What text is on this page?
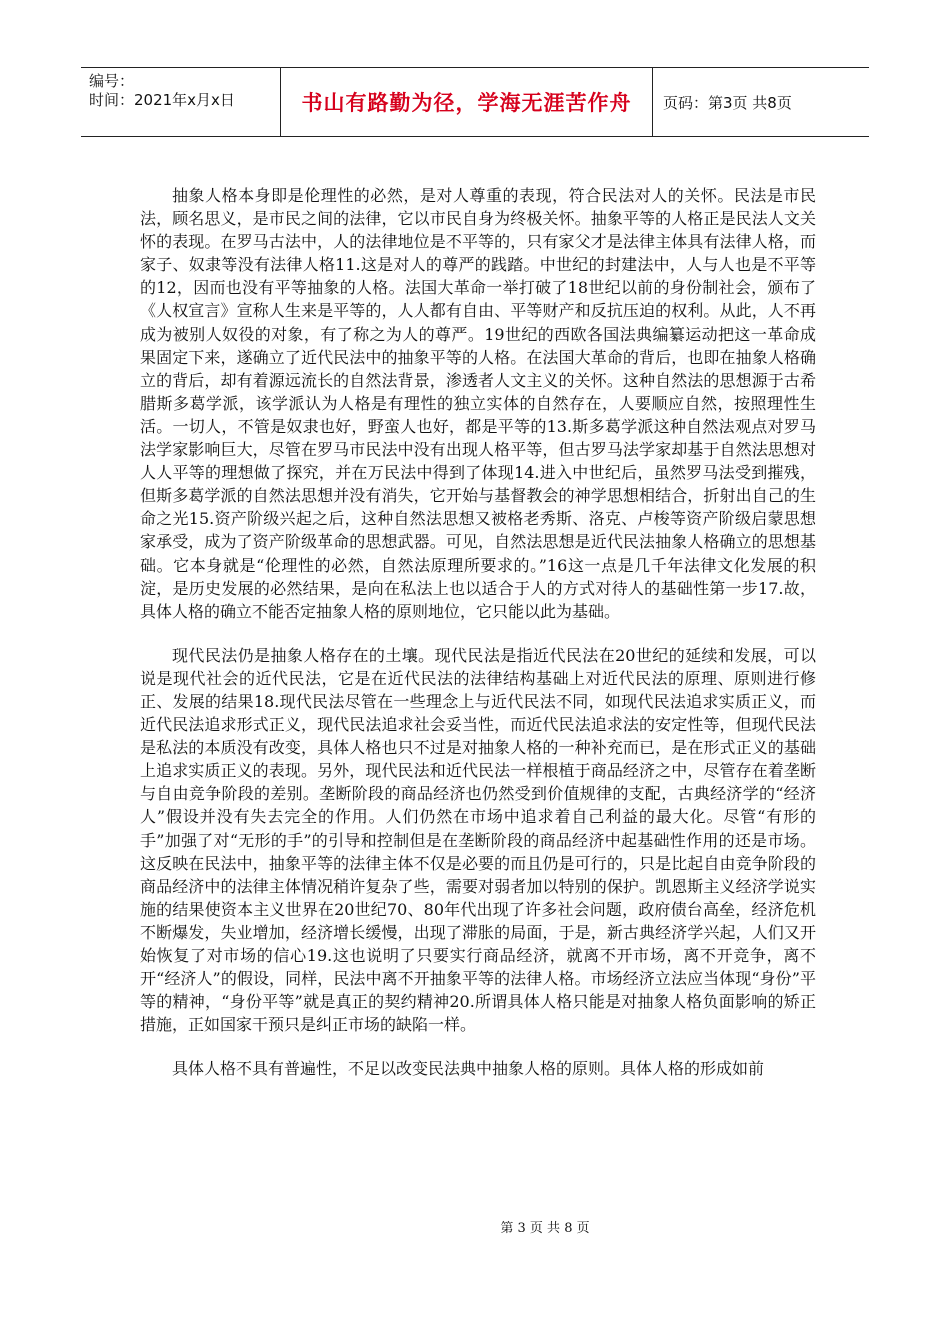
编号：
时间：2021年x月x日	书山有路勤为径，学海无涯苦作舟	页码：第3页 共8页

抽象人格本身即是伦理性的必然，是对人尊重的表现，符合民法对人的关怀。民法是市民法，顾名思义，是市民之间的法律，它以市民自身为终极关怀。抽象平等的人格正是民法人文关怀的表现。在罗马古法中，人的法律地位是不平等的，只有家父才是法律主体具有法律人格，而家子、奴隶等没有法律人格11.这是对人的尊严的践踏。中世纪的封建法中，人与人也是不平等的12，因而也没有平等抽象的人格。法国大革命一举打破了18世纪以前的身份制社会，颁布了《人权宣言》宣称人生来是平等的，人人都有自由、平等财产和反抗压迫的权利。从此，人不再成为被别人奴役的对象，有了称之为人的尊严。19世纪的西欧各国法典编纂运动把这一革命成果固定下来，遂确立了近代民法中的抽象平等的人格。在法国大革命的背后，也即在抽象人格确立的背后，却有着源远流长的自然法背景，渗透者人文主义的关怀。这种自然法的思想源于古希腊斯多葛学派，该学派认为人格是有理性的独立实体的自然存在，人要顺应自然，按照理性生活。一切人，不管是奴隶也好，野蛮人也好，都是平等的13.斯多葛学派这种自然法观点对罗马法学家影响巨大，尽管在罗马市民法中没有出现人格平等，但古罗马法学家却基于自然法思想对人人平等的理想做了探究，并在万民法中得到了体现14.进入中世纪后，虽然罗马法受到摧残，但斯多葛学派的自然法思想并没有消失，它开始与基督教会的神学思想相结合，折射出自己的生命之光15.资产阶级兴起之后，这种自然法思想又被格老秀斯、洛克、卢梭等资产阶级启蒙思想家承受，成为了资产阶级革命的思想武器。可见，自然法思想是近代民法抽象人格确立的思想基础。它本身就是“伦理性的必然，自然法原理所要求的。”16这一点是几千年法律文化发展的积淀，是历史发展的必然结果，是向在私法上也以适合于人的方式对待人的基础性第一步17.故，具体人格的确立不能否定抽象人格的原则地位，它只能以此为基础。

现代民法仍是抽象人格存在的土壤。现代民法是指近代民法在20世纪的延续和发展，可以说是现代社会的近代民法，它是在近代民法的法律结构基础上对近代民法的原理、原则进行修正、发展的结果18.现代民法尽管在一些理念上与近代民法不同，如现代民法追求实质正义，而近代民法追求形式正义，现代民法追求社会妥当性，而近代民法追求法的安定性等，但现代民法是私法的本质没有改变，具体人格也只不过是对抽象人格的一种补充而已，是在形式正义的基础上追求实质正义的表现。另外，现代民法和近代民法一样根植于商品经济之中，尽管存在着垄断与自由竞争阶段的差别。垄断阶段的商品经济也仍然受到价值规律的支配，古典经济学的“经济人”假设并没有失去完全的作用。人们仍然在市场中追求着自己利益的最大化。尽管“有形的手”加强了对“无形的手”的引导和控制但是在垄断阶段的商品经济中起基础性作用的还是市场。这反映在民法中，抽象平等的法律主体不仅是必要的而且仍是可行的，只是比起自由竞争阶段的商品经济中的法律主体情况稍许复杂了些，需要对弱者加以特别的保护。凯恩斯主义经济学说实施的结果使资本主义世界在20世纪70、80年代出现了许多社会问题，政府债台高垒，经济危机不断爆发，失业增加，经济增长缓慢，出现了滞胀的局面，于是，新古典经济学兴起，人们又开始恢复了对市场的信心19.这也说明了只要实行商品经济，就离不开市场，离不开竞争，离不开“经济人”的假设，同样，民法中离不开抽象平等的法律人格。市场经济立法应当体现“身份”平等的精神，“身份平等”就是真正的契约精神20.所谓具体人格只能是对抽象人格负面影响的矫正措施，正如国家干预只是纠正市场的缺陷一样。

具体人格不具有普遍性，不足以改变民法典中抽象人格的原则。具体人格的形成如前

第 3 页 共 8 页
